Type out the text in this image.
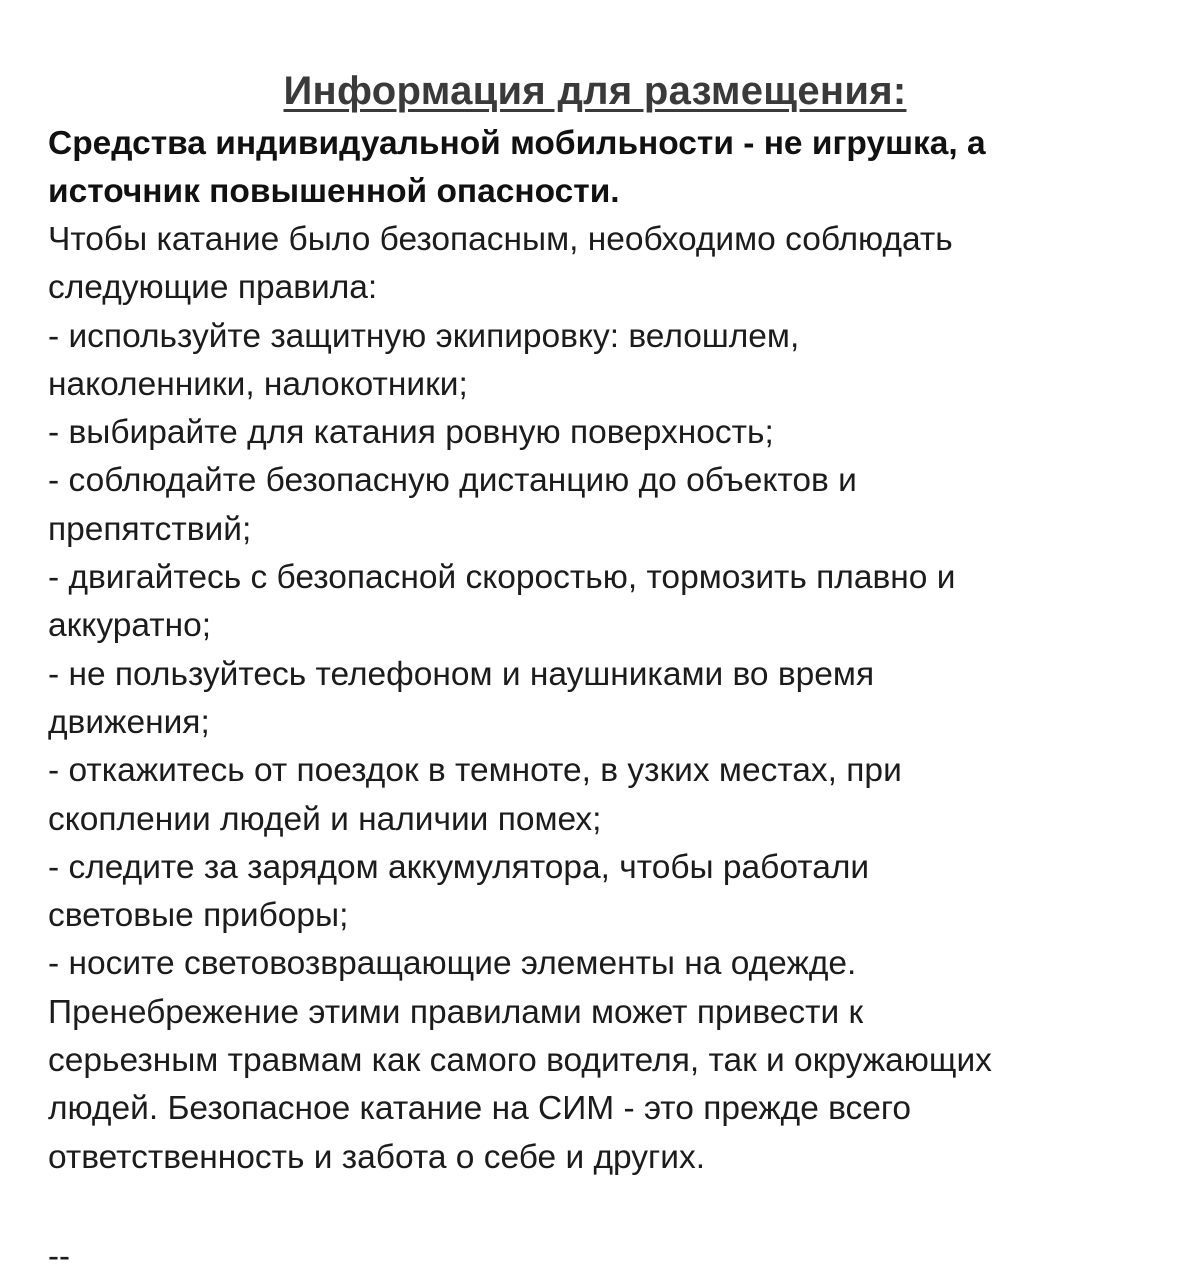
Информация для размещения:

Средства индивидуальной мобильности - не игрушка, а

источник повышенной опасности.

Чтобы катание было безопасным, необходимо соблюдать

следующие правила:

- используйте защитную экипировку: велошлем,

наколенники, налокотники;

- выбирайте для катания ровную поверхность;

- соблюдайте безопасную дистанцию до объектов и

препятствий;

- двигайтесь с безопасной скоростью, тормозить плавно и

аккуратно;

- не пользуйтесь телефоном и наушниками во время

движения;

- откажитесь от поездок в темноте, в узких местах, при

скоплении людей и наличии помех;

- следите за зарядом аккумулятора, чтобы работали

световые приборы;

- носите световозвращающие элементы на одежде.

Пренебрежение этими правилами может привести к

серьезным травмам как самого водителя, так и окружающих

людей. Безопасное катание на СИМ - это прежде всего

ответственность и забота о себе и других.

--
